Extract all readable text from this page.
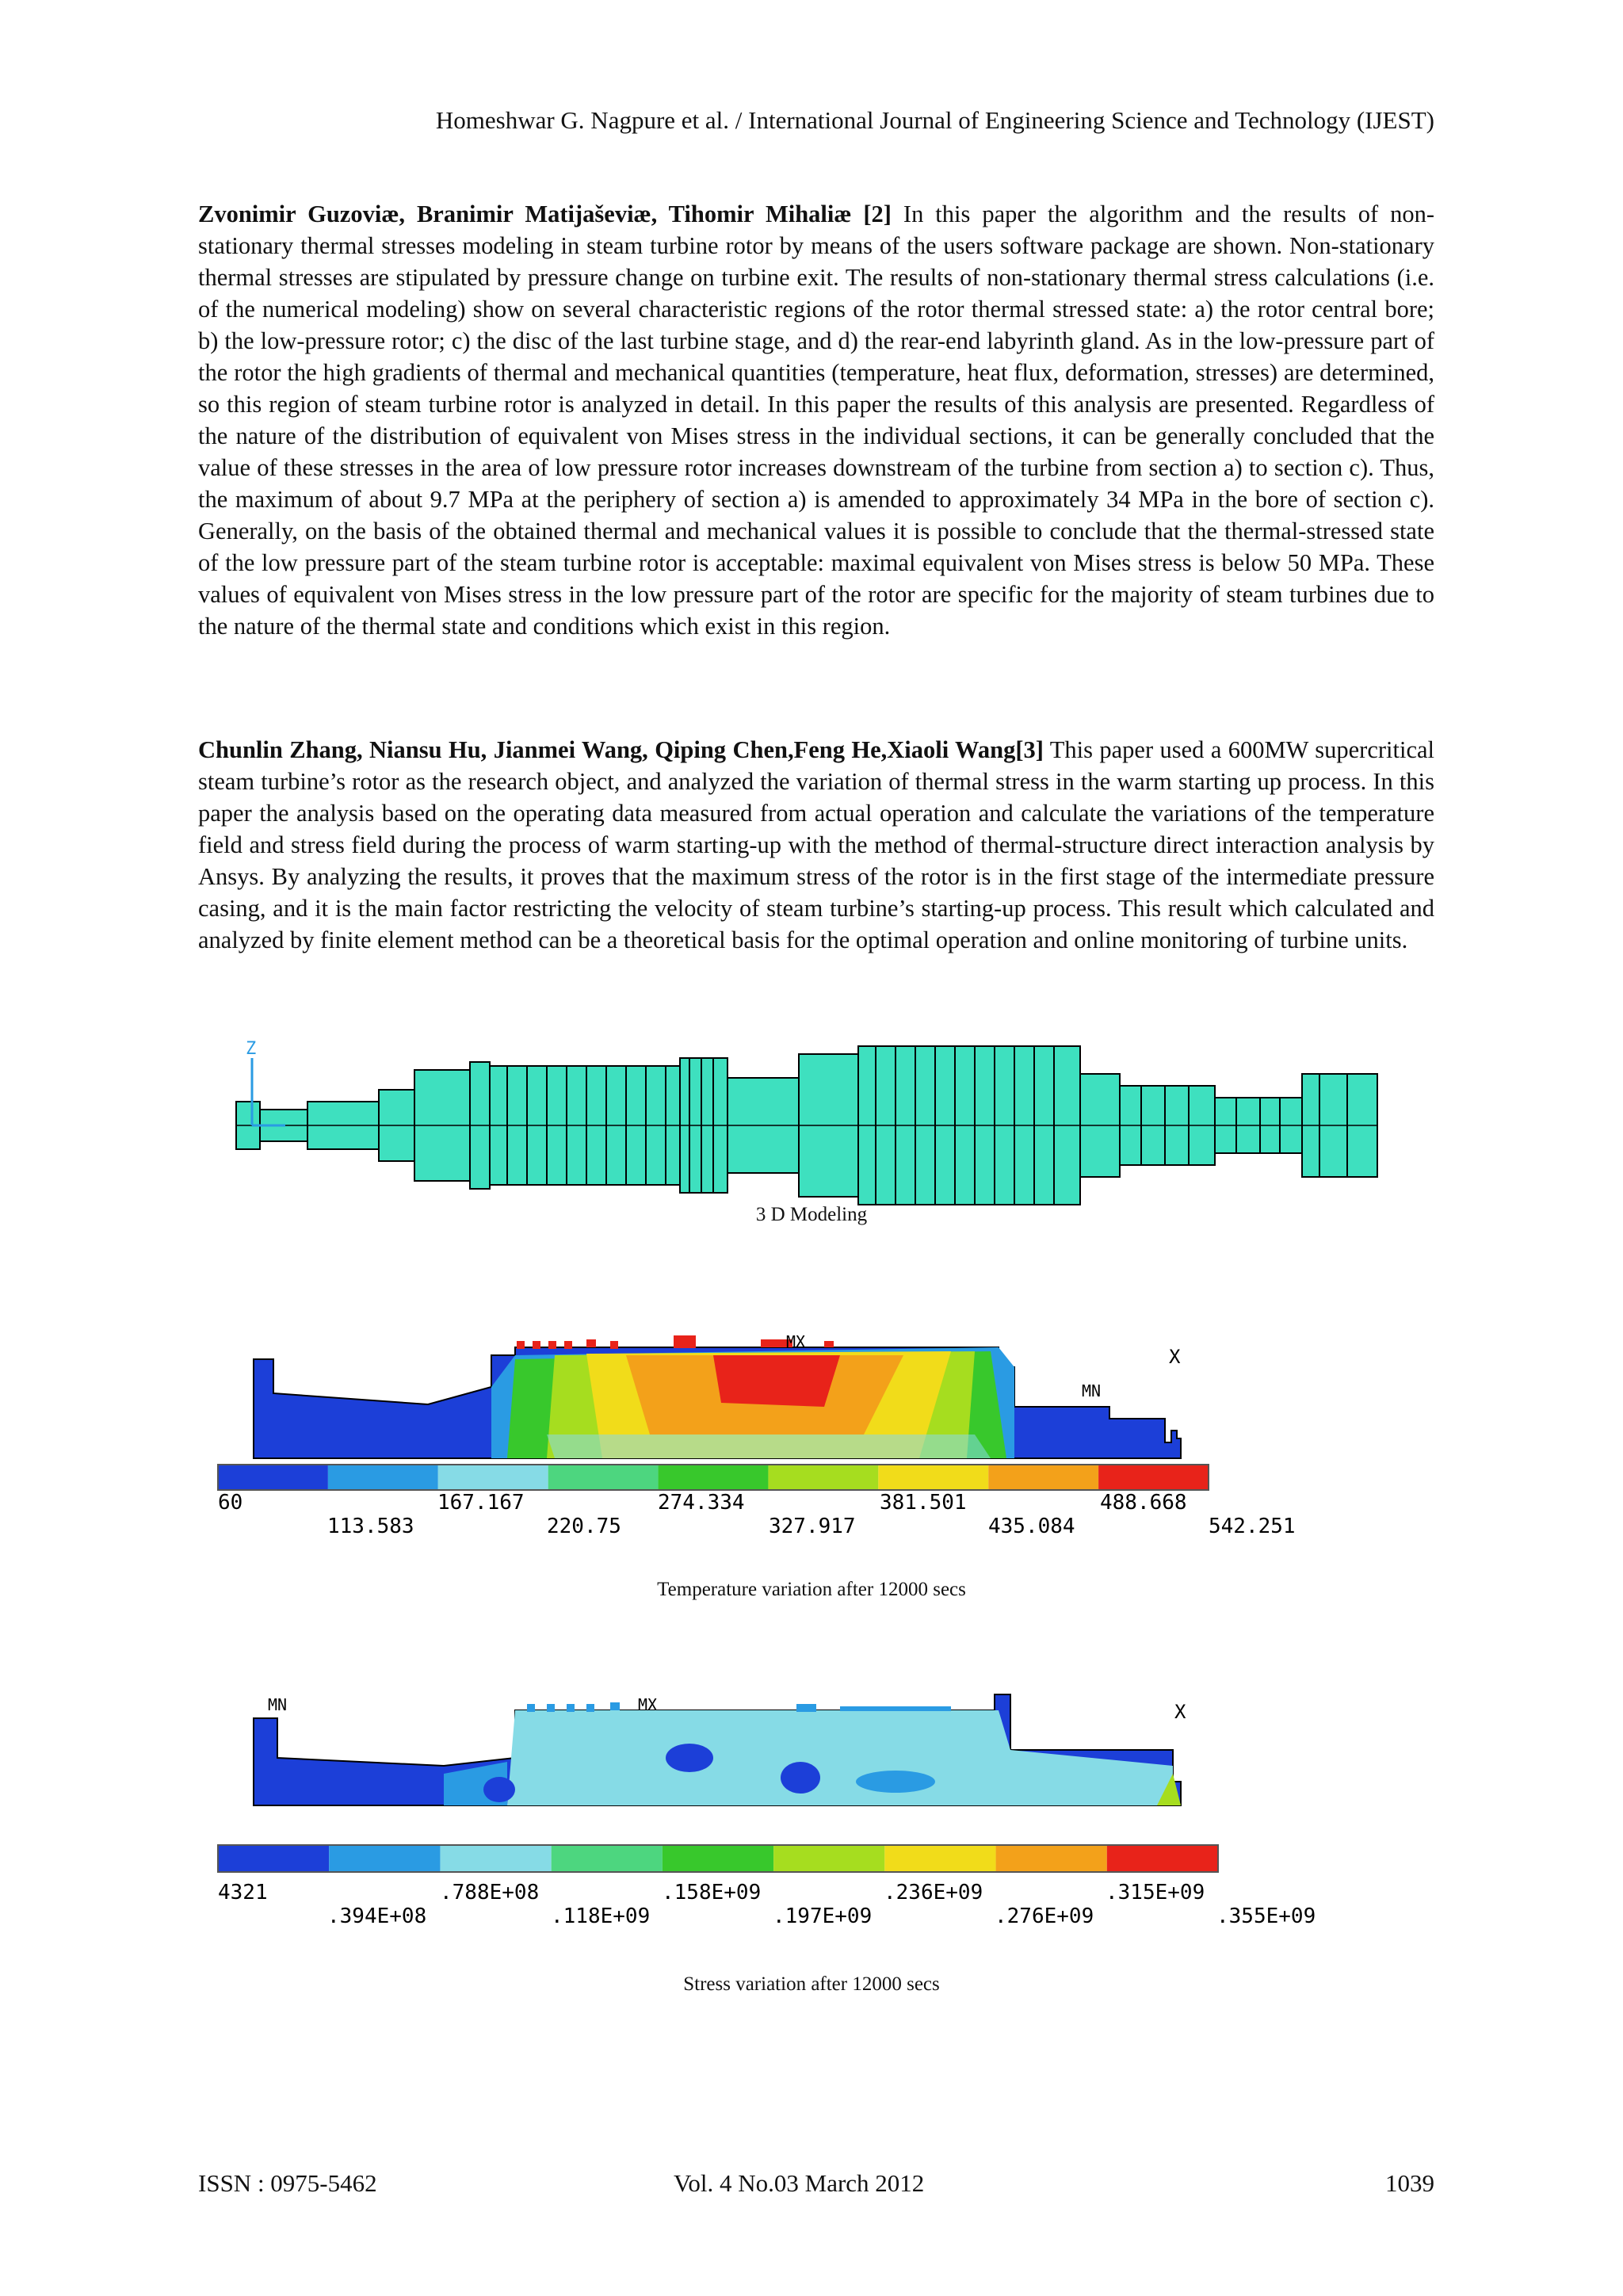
Homeshwar G. Nagpure et al. / International Journal of Engineering Science and Technology (IJEST)

Zvonimir Guzoviæ, Branimir Matijaševiæ, Tihomir Mihaliæ [2] In this paper the algorithm and the results of non-stationary thermal stresses modeling in steam turbine rotor by means of the users software package are shown. Non-stationary thermal stresses are stipulated by pressure change on turbine exit. The results of non-stationary thermal stress calculations (i.e. of the numerical modeling) show on several characteristic regions of the rotor thermal stressed state: a) the rotor central bore; b) the low-pressure rotor; c) the disc of the last turbine stage, and d) the rear-end labyrinth gland. As in the low-pressure part of the rotor the high gradients of thermal and mechanical quantities (temperature, heat flux, deformation, stresses) are determined, so this region of steam turbine rotor is analyzed in detail. In this paper the results of this analysis are presented. Regardless of the nature of the distribution of equivalent von Mises stress in the individual sections, it can be generally concluded that the value of these stresses in the area of low pressure rotor increases downstream of the turbine from section a) to section c). Thus, the maximum of about 9.7 MPa at the periphery of section a) is amended to approximately 34 MPa in the bore of section c). Generally, on the basis of the obtained thermal and mechanical values it is possible to conclude that the thermal-stressed state of the low pressure part of the steam turbine rotor is acceptable: maximal equivalent von Mises stress is below 50 MPa. These values of equivalent von Mises stress in the low pressure part of the rotor are specific for the majority of steam turbines due to the nature of the thermal state and conditions which exist in this region.

Chunlin Zhang, Niansu Hu, Jianmei Wang, Qiping Chen,Feng He,Xiaoli Wang[3] This paper used a 600MW supercritical steam turbine’s rotor as the research object, and analyzed the variation of thermal stress in the warm starting up process. In this paper the analysis based on the operating data measured from actual operation and calculate the variations of the temperature field and stress field during the process of warm starting-up with the method of thermal-structure direct interaction analysis by Ansys. By analyzing the results, it proves that the maximum stress of the rotor is in the first stage of the intermediate pressure casing, and it is the main factor restricting the velocity of steam turbine’s starting-up process. This result which calculated and analyzed by finite element method can be a theoretical basis for the optimal operation and online monitoring of turbine units.

Z
3 D Modeling
MX
MN
X
60	167.167	274.334	381.501	488.668
113.583	220.75	327.917	435.084	542.251
Temperature variation after 12000 secs
MX
MN	X
4321	.788E+08	.158E+09	.236E+09	.315E+09
.394E+08	.118E+09	.197E+09	.276E+09	.355E+09
Stress variation after 12000 secs
ISSN : 0975-5462	Vol. 4 No.03 March 2012	1039
